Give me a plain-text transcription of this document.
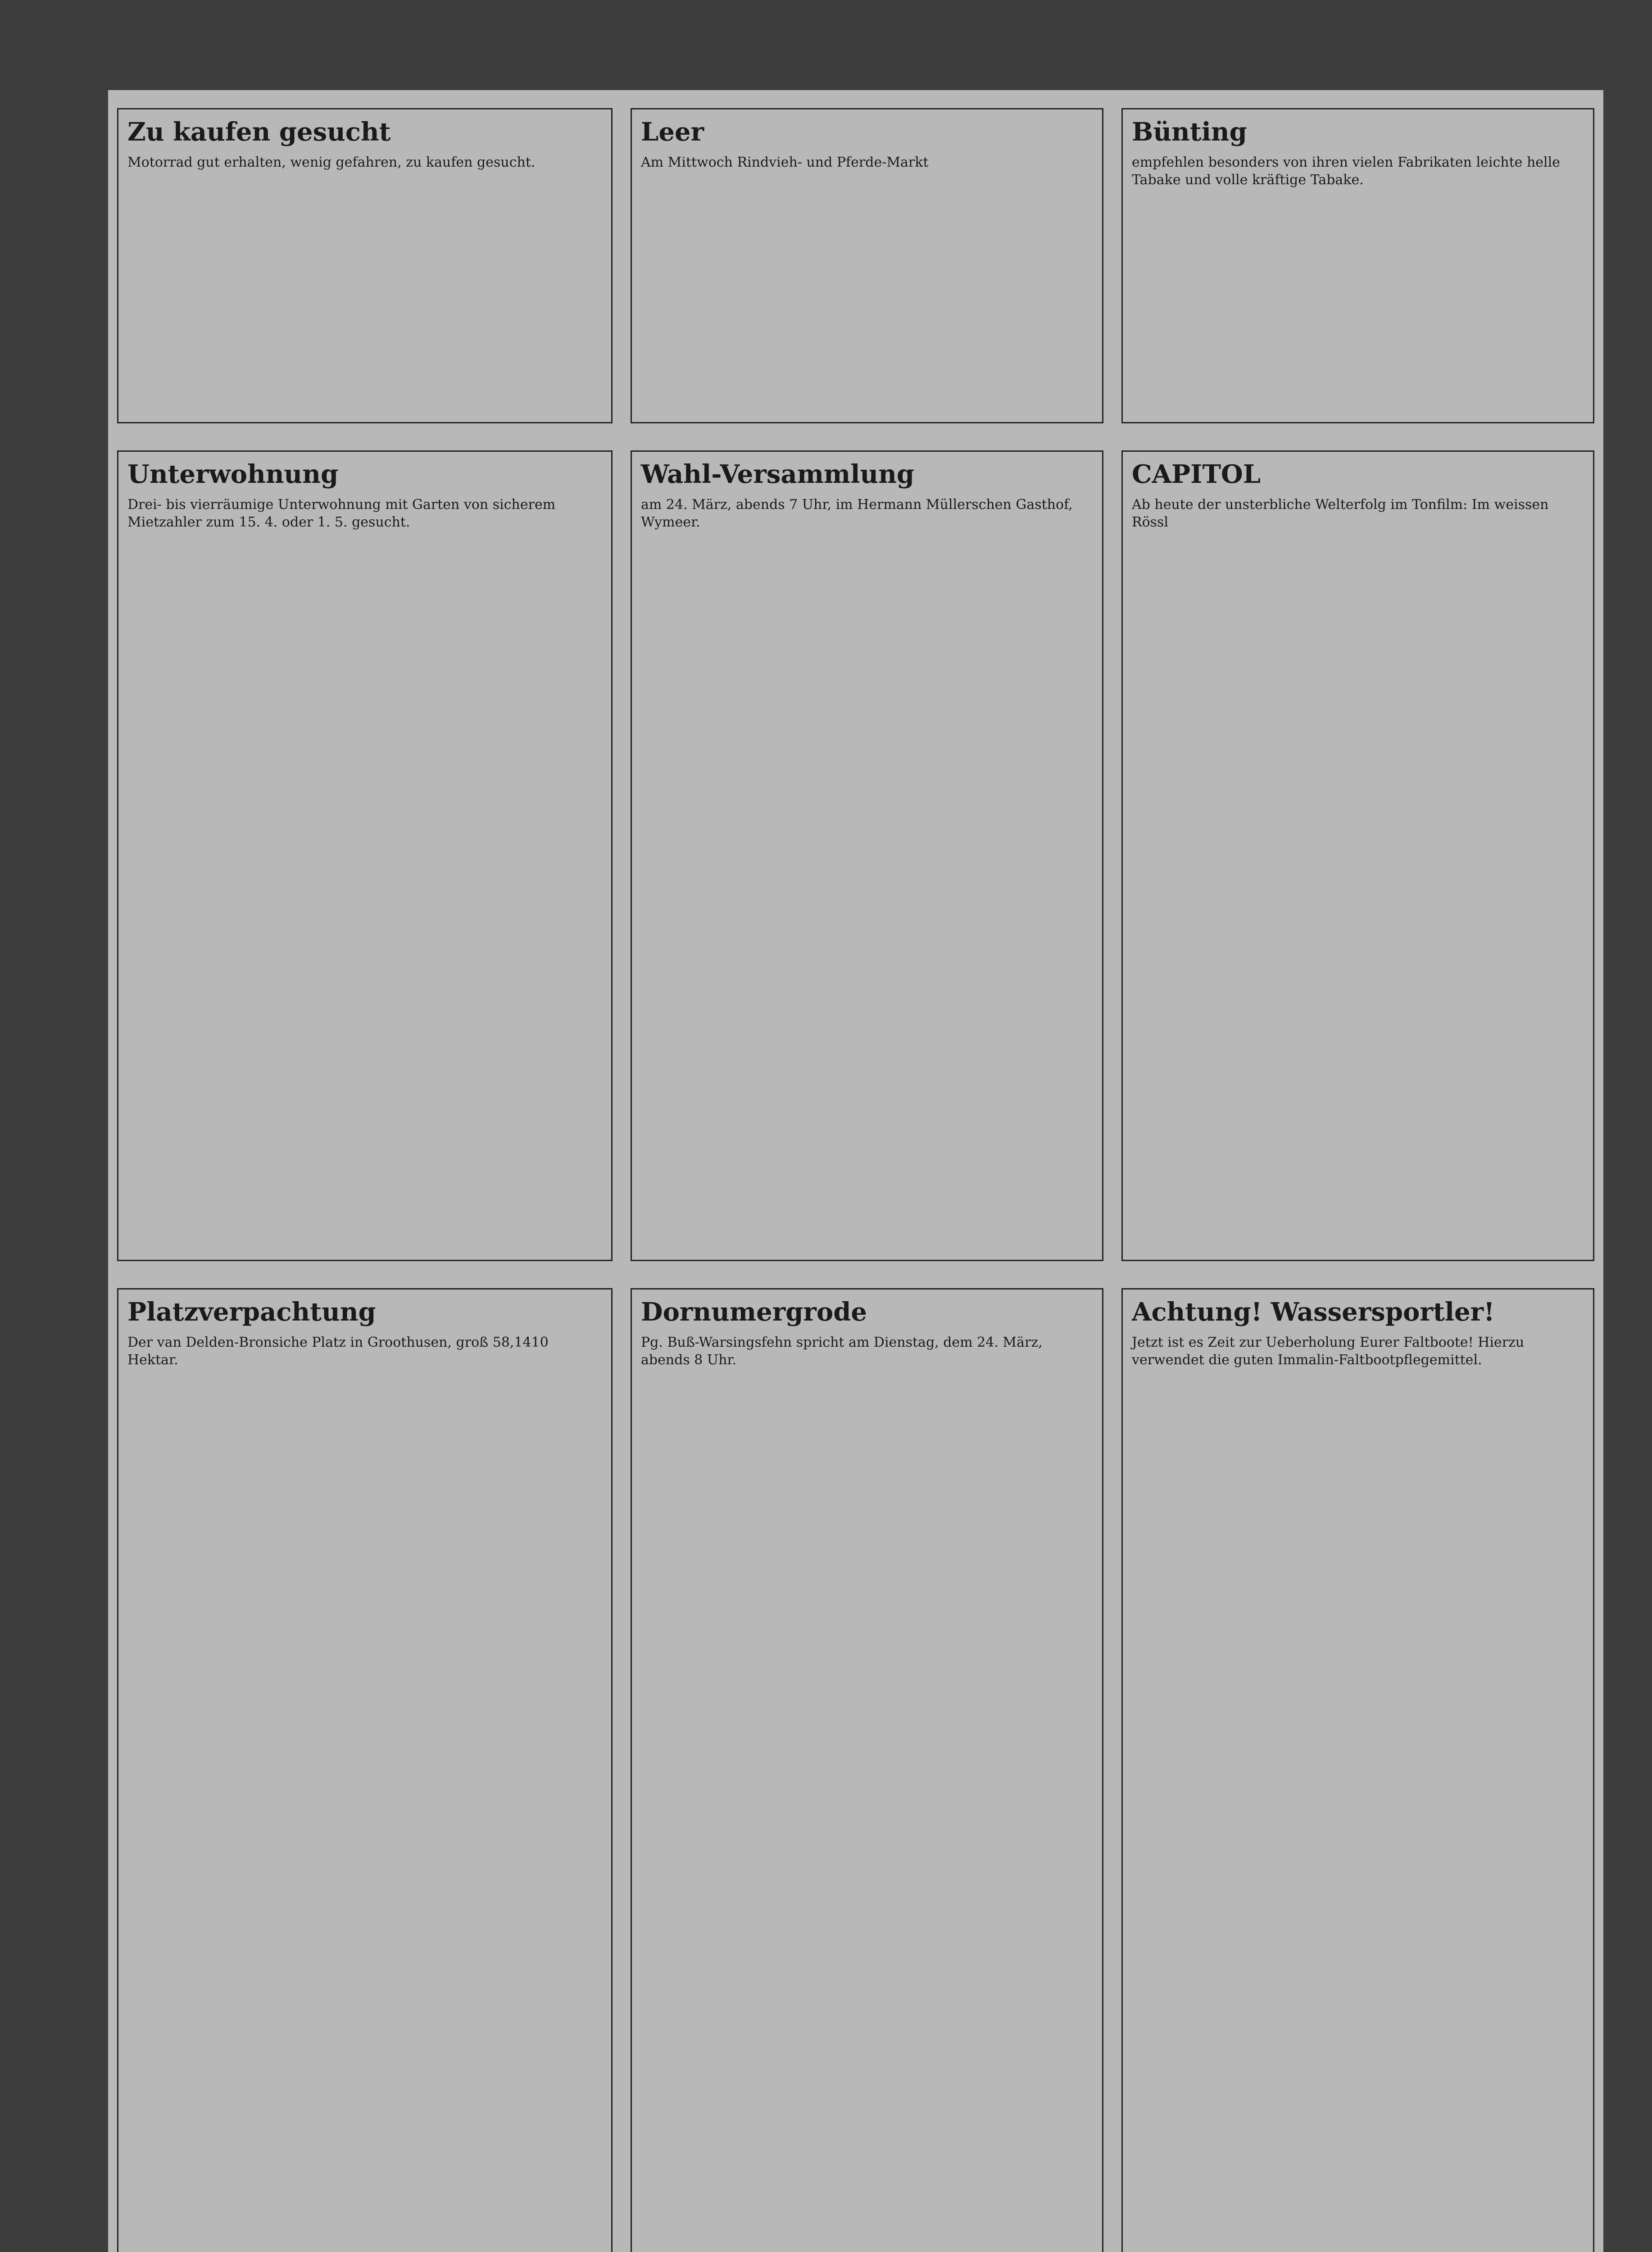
Zu kaufen gesucht
Motorrad gut erhalten, wenig gefahren, zu kaufen gesucht.
Leer
Am Mittwoch Rindvieh- und Pferde-Markt
Bünting
empfehlen besonders von ihren vielen Fabrikaten leichte helle Tabake und volle kräftige Tabake.
Unterwohnung
Drei- bis vierräumige Unterwohnung mit Garten von sicherem Mietzahler zum 15. 4. oder 1. 5. gesucht.
Wahl-Versammlung
am 24. März, abends 7 Uhr, im Hermann Müllerschen Gasthof, Wymeer.
CAPITOL
Ab heute der unsterbliche Welterfolg im Tonfilm: Im weissen Rössl
Platzverpachtung
Der van Delden-Bronsiche Platz in Groothusen, groß 58,1410 Hektar.
Dornumergrode
Pg. Buß-Warsingsfehn spricht am Dienstag, dem 24. März, abends 8 Uhr.
Achtung! Wassersportler!
Jetzt ist es Zeit zur Ueberholung Eurer Faltboote! Hierzu verwendet die guten Immalin-Faltbootpflegemittel.
